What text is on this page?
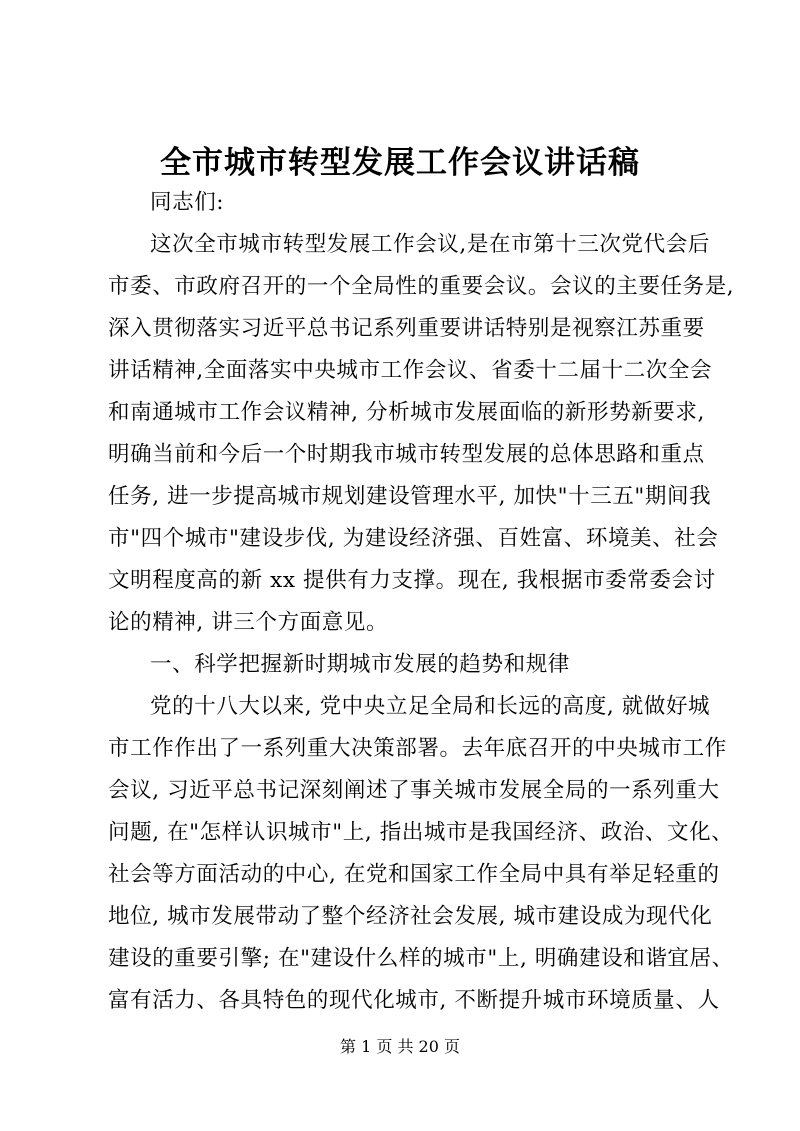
全市城市转型发展工作会议讲话稿
同志们:
这次全市城市转型发展工作会议,是在市第十三次党代会后
市委、市政府召开的一个全局性的重要会议。会议的主要任务是,
深入贯彻落实习近平总书记系列重要讲话特别是视察江苏重要
讲话精神,全面落实中央城市工作会议、省委十二届十二次全会
和南通城市工作会议精神, 分析城市发展面临的新形势新要求,
明确当前和今后一个时期我市城市转型发展的总体思路和重点
任务, 进一步提高城市规划建设管理水平, 加快"十三五"期间我
市"四个城市"建设步伐, 为建设经济强、百姓富、环境美、社会
文明程度高的新 xx 提供有力支撑。现在, 我根据市委常委会讨
论的精神, 讲三个方面意见。
一、科学把握新时期城市发展的趋势和规律
党的十八大以来, 党中央立足全局和长远的高度, 就做好城
市工作作出了一系列重大决策部署。去年底召开的中央城市工作
会议, 习近平总书记深刻阐述了事关城市发展全局的一系列重大
问题, 在"怎样认识城市"上, 指出城市是我国经济、政治、文化、
社会等方面活动的中心, 在党和国家工作全局中具有举足轻重的
地位, 城市发展带动了整个经济社会发展, 城市建设成为现代化
建设的重要引擎; 在"建设什么样的城市"上, 明确建设和谐宜居、
富有活力、各具特色的现代化城市, 不断提升城市环境质量、人
第 1 页 共 20 页
